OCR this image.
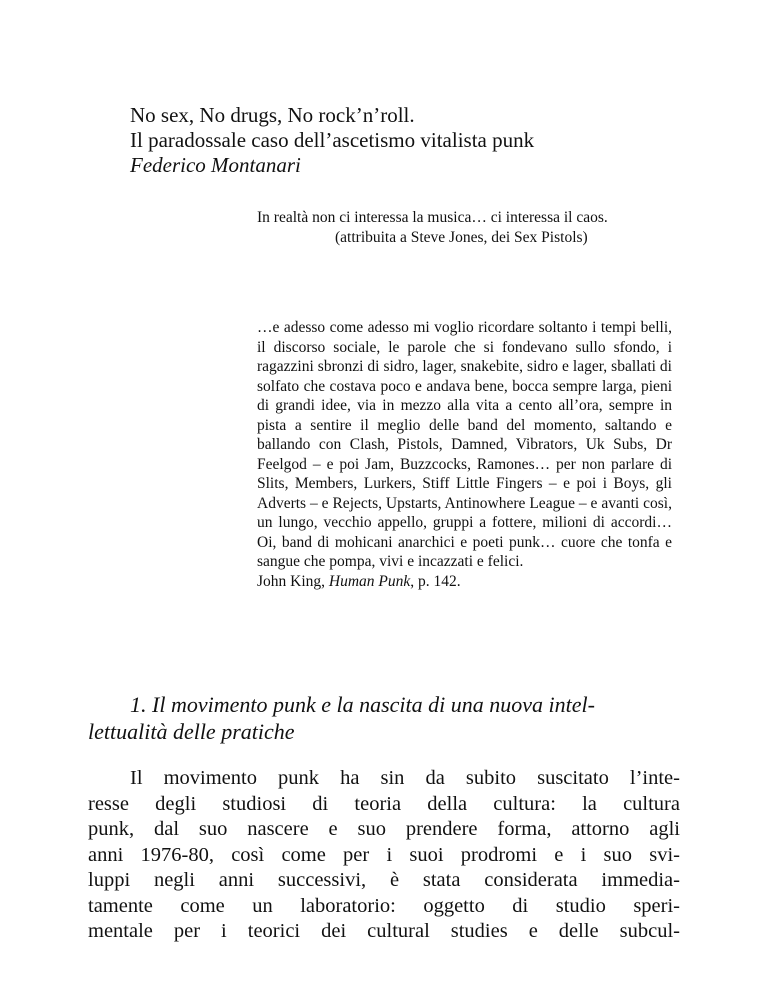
No sex, No drugs, No rock’n’roll.
Il paradossale caso dell’ascetismo vitalista punk
Federico Montanari

In realtà non ci interessa la musica… ci interessa il caos.

(attribuita a Steve Jones, dei Sex Pistols)

…e adesso come adesso mi voglio ricordare soltanto i tempi belli, il discorso sociale, le parole che si fondevano sullo sfondo, i ragazzini sbronzi di sidro, lager, snakebite, sidro e lager, sballati di solfato che costava poco e andava bene, bocca sempre larga, pieni di grandi idee, via in mezzo alla vita a cento all’ora, sempre in pista a sentire il meglio delle band del momento, saltando e ballando con Clash, Pistols, Damned, Vibrators, Uk Subs, Dr Feelgod – e poi Jam, Buzzcocks, Ramones… per non parlare di Slits, Members, Lurkers, Stiff Little Fingers – e poi i Boys, gli Adverts – e Rejects, Upstarts, Antinowhere League – e avanti così, un lungo, vecchio appello, gruppi a fottere, milioni di accordi… Oi, band di mohicani anarchici e poeti punk… cuore che tonfa e sangue che pompa, vivi e incazzati e felici.

John King, Human Punk, p. 142.

1. Il movimento punk e la nascita di una nuova intel-
lettualità delle pratiche
Il movimento punk ha sin da subito suscitato l’inte-
resse degli studiosi di teoria della cultura: la cultura
punk, dal suo nascere e suo prendere forma, attorno agli
anni 1976-80, così come per i suoi prodromi e i suo svi-
luppi negli anni successivi, è stata considerata immedia-
tamente come un laboratorio: oggetto di studio speri-
mentale per i teorici dei cultural studies e delle subcul-
